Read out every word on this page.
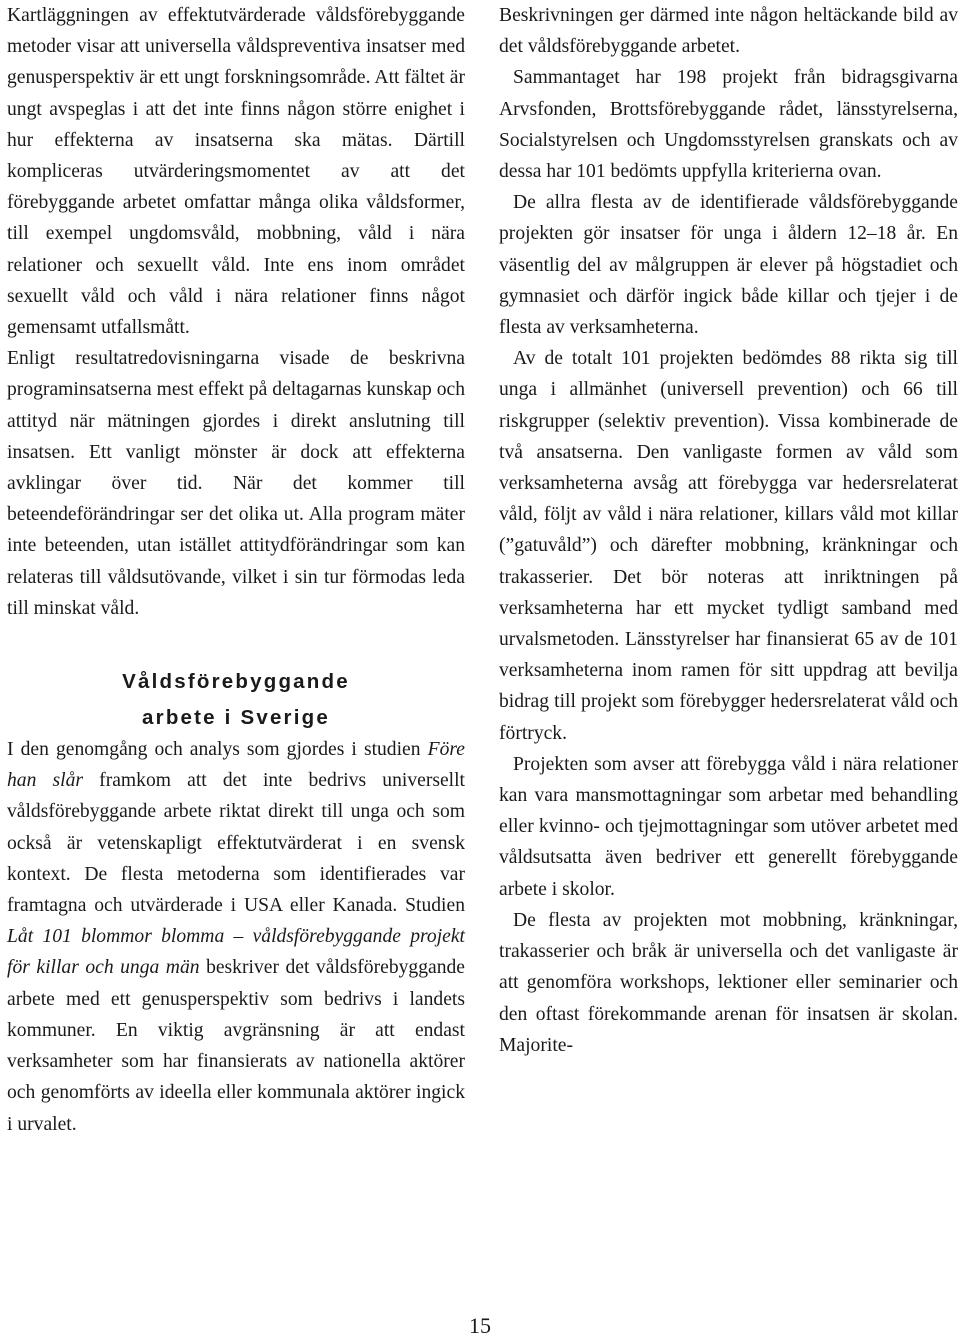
Kartläggningen av effektutvärderade våldsförebyggande metoder visar att universella våldspreventiva insatser med genusperspektiv är ett ungt forskningsområde. Att fältet är ungt avspeglas i att det inte finns någon större enighet i hur effekterna av insatserna ska mätas. Därtill kompliceras utvärderingsmomentet av att det förebyggande arbetet omfattar många olika våldsformer, till exempel ungdomsvåld, mobbning, våld i nära relationer och sexuellt våld. Inte ens inom området sexuellt våld och våld i nära relationer finns något gemensamt utfallsmått.

Enligt resultatredovisningarna visade de beskrivna programinsatserna mest effekt på deltagarnas kunskap och attityd när mätningen gjordes i direkt anslutning till insatsen. Ett vanligt mönster är dock att effekterna avklingar över tid. När det kommer till beteendeförändringar ser det olika ut. Alla program mäter inte beteenden, utan istället attitydförändringar som kan relateras till våldsutövande, vilket i sin tur förmodas leda till minskat våld.

Våldsförebyggande
arbete i Sverige

I den genomgång och analys som gjordes i studien Före han slår framkom att det inte bedrivs universellt våldsförebyggande arbete riktat direkt till unga och som också är vetenskapligt effektutvärderat i en svensk kontext. De flesta metoderna som identifierades var framtagna och utvärderade i USA eller Kanada. Studien Låt 101 blommor blomma – våldsförebyggande projekt för killar och unga män beskriver det våldsförebyggande arbete med ett genusperspektiv som bedrivs i landets kommuner. En viktig avgränsning är att endast verksamheter som har finansierats av nationella aktörer och genomförts av ideella eller kommunala aktörer ingick i urvalet.

Beskrivningen ger därmed inte någon heltäckande bild av det våldsförebyggande arbetet.

Sammantaget har 198 projekt från bidragsgivarna Arvsfonden, Brottsförebyggande rådet, länsstyrelserna, Socialstyrelsen och Ungdomsstyrelsen granskats och av dessa har 101 bedömts uppfylla kriterierna ovan.

De allra flesta av de identifierade våldsförebyggande projekten gör insatser för unga i åldern 12–18 år. En väsentlig del av målgruppen är elever på högstadiet och gymnasiet och därför ingick både killar och tjejer i de flesta av verksamheterna.

Av de totalt 101 projekten bedömdes 88 rikta sig till unga i allmänhet (universell prevention) och 66 till riskgrupper (selektiv prevention). Vissa kombinerade de två ansatserna. Den vanligaste formen av våld som verksamheterna avsåg att förebygga var hedersrelaterat våld, följt av våld i nära relationer, killars våld mot killar (”gatuvåld”) och därefter mobbning, kränkningar och trakasserier. Det bör noteras att inriktningen på verksamheterna har ett mycket tydligt samband med urvalsmetoden. Länsstyrelser har finansierat 65 av de 101 verksamheterna inom ramen för sitt uppdrag att bevilja bidrag till projekt som förebygger hedersrelaterat våld och förtryck.

Projekten som avser att förebygga våld i nära relationer kan vara mansmottagningar som arbetar med behandling eller kvinno- och tjejmottagningar som utöver arbetet med våldsutsatta även bedriver ett generellt förebyggande arbete i skolor.

De flesta av projekten mot mobbning, kränkningar, trakasserier och bråk är universella och det vanligaste är att genomföra workshops, lektioner eller seminarier och den oftast förekommande arenan för insatsen är skolan. Majorite-

15
